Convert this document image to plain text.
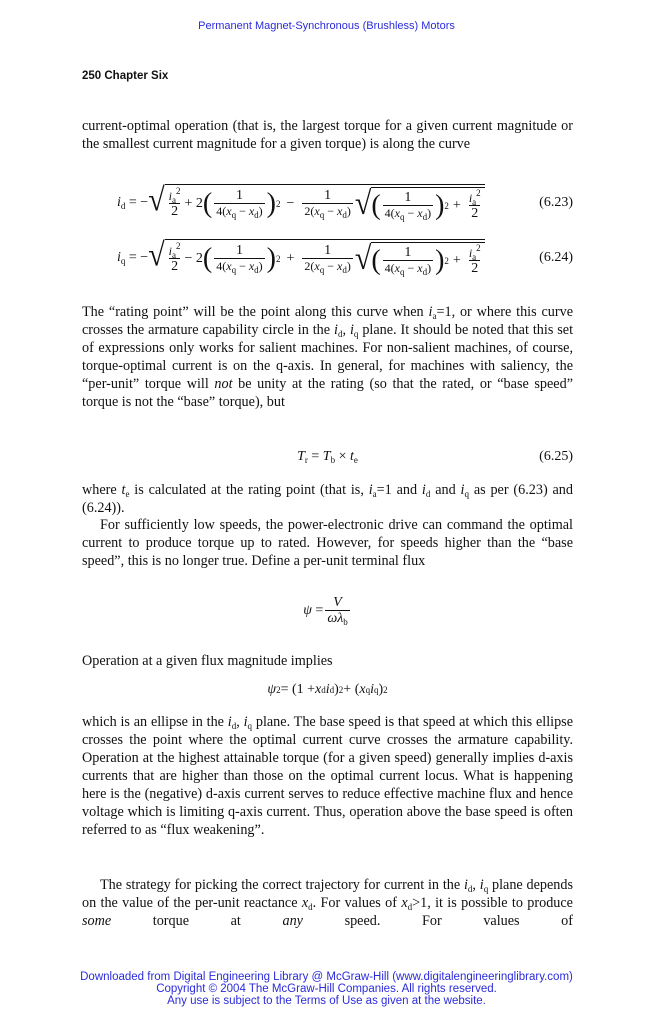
Permanent Magnet-Synchronous (Brushless) Motors
250 Chapter Six
current-optimal operation (that is, the largest torque for a given current magnitude or the smallest current magnitude for a given torque) is along the curve
$i_d$ = − √ $\frac{i_a^2}{2} + 2$ ( $\frac{1}{4(x_q - x_d)}$ ) $2 - \frac{1}{2(x_q - x_d)}$ √ ( $\frac{1}{4(x_q - x_d)}$ ) $2 + \frac{i_a^2}{2}$	(6.23)
$i_q$ = − √ $\frac{i_a^2}{2} - 2$ ( $\frac{1}{4(x_q - x_d)}$ ) $2 + \frac{1}{2(x_q - x_d)}$ √ ( $\frac{1}{4(x_q - x_d)}$ ) $2 + \frac{i_a^2}{2}$	(6.24)
The “rating point” will be the point along this curve when $i_a=1$, or where this curve crosses the armature capability circle in the $i_d$, $i_q$ plane. It should be noted that this set of expressions only works for salient machines. For non-salient machines, of course, torque-optimal current is on the q-axis. In general, for machines with saliency, the “per-unit” torque will not be unity at the rating (so that the rated, or “base speed” torque is not the “base” torque), but
$T_r = T_b \times t_e$	(6.25)
where $t_e$ is calculated at the rating point (that is, $i_a=1$ and $i_d$ and $i_q$ as per (6.23) and (6.24)).
For sufficiently low speeds, the power-electronic drive can command the optimal current to produce torque up to rated. However, for speeds higher than the “base speed”, this is no longer true. Define a per-unit terminal flux
$\psi = \frac{V}{\omega\lambda_b}$
Operation at a given flux magnitude implies
ψ 2 = (1 + x d i d ) 2 + ( x q i q ) 2
which is an ellipse in the $i_d$, $i_q$ plane. The base speed is that speed at which this ellipse crosses the point where the optimal current curve crosses the armature capability. Operation at the highest attainable torque (for a given speed) generally implies d-axis currents that are higher than those on the optimal current locus. What is happening here is the (negative) d-axis current serves to reduce effective machine flux and hence voltage which is limiting q-axis current. Thus, operation above the base speed is often referred to as “flux weakening”.
The strategy for picking the correct trajectory for current in the $i_d$, $i_q$ plane depends on the value of the per-unit reactance $x_d$. For values of $x_d>1$, it is possible to produce some torque at any speed. For values of
Downloaded from Digital Engineering Library @ McGraw-Hill (www.digitalengineeringlibrary.com)
Copyright © 2004 The McGraw-Hill Companies. All rights reserved.
Any use is subject to the Terms of Use as given at the website.
